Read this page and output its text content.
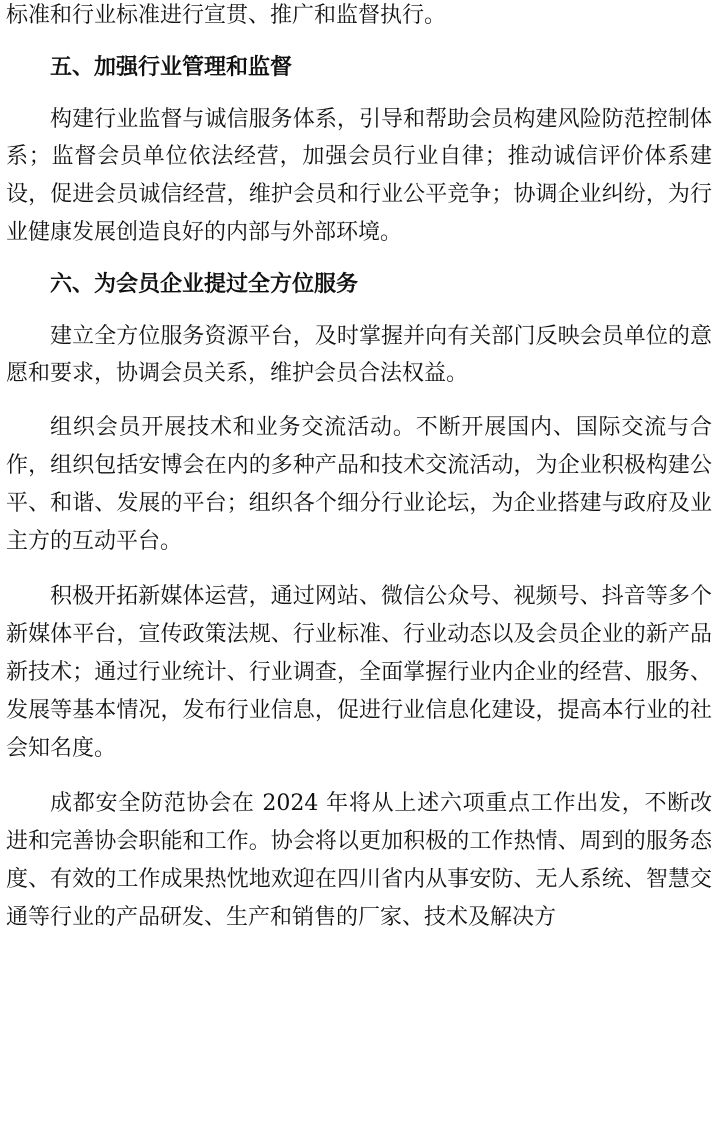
标准和行业标准进行宣贯、推广和监督执行。

五、加强行业管理和监督

构建行业监督与诚信服务体系，引导和帮助会员构建风险防范控制体系；监督会员单位依法经营，加强会员行业自律；推动诚信评价体系建设，促进会员诚信经营，维护会员和行业公平竞争；协调企业纠纷，为行业健康发展创造良好的内部与外部环境。

六、为会员企业提过全方位服务

建立全方位服务资源平台，及时掌握并向有关部门反映会员单位的意愿和要求，协调会员关系，维护会员合法权益。

组织会员开展技术和业务交流活动。不断开展国内、国际交流与合作，组织包括安博会在内的多种产品和技术交流活动，为企业积极构建公平、和谐、发展的平台；组织各个细分行业论坛，为企业搭建与政府及业主方的互动平台。

积极开拓新媒体运营，通过网站、微信公众号、视频号、抖音等多个新媒体平台，宣传政策法规、行业标准、行业动态以及会员企业的新产品新技术；通过行业统计、行业调查，全面掌握行业内企业的经营、服务、发展等基本情况，发布行业信息，促进行业信息化建设，提高本行业的社会知名度。

成都安全防范协会在 2024 年将从上述六项重点工作出发，不断改进和完善协会职能和工作。协会将以更加积极的工作热情、周到的服务态度、有效的工作成果热忱地欢迎在四川省内从事安防、无人系统、智慧交通等行业的产品研发、生产和销售的厂家、技术及解决方
